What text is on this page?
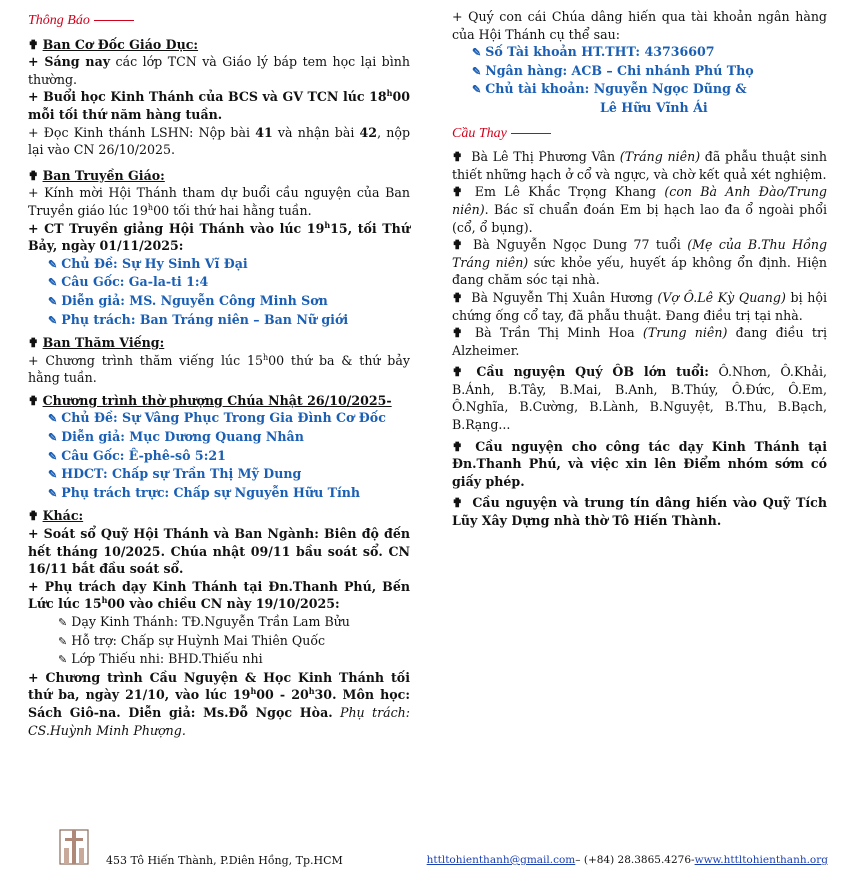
Thông Báo
✟ Ban Cơ Đốc Giáo Dục:

+ Sáng nay các lớp TCN và Giáo lý báp tem học lại bình thường.

+ Buổi học Kinh Thánh của BCS và GV TCN lúc 18$^h$00 mỗi tối thứ năm hàng tuần.

+ Đọc Kinh thánh LSHN: Nộp bài 41 và nhận bài 42, nộp lại vào CN 26/10/2025.

✟ Ban Truyền Giáo:

+ Kính mời Hội Thánh tham dự buổi cầu nguyện của Ban Truyền giáo lúc 19$^h$00 tối thứ hai hằng tuần.

+ CT Truyền giảng Hội Thánh vào lúc 19$^h$15, tối Thứ Bảy, ngày 01/11/2025:

✎ Chủ Đề: Sự Hy Sinh Vĩ Đại
✎ Câu Gốc: Ga-la-ti 1:4
✎ Diễn giả: MS. Nguyễn Công Minh Sơn
✎ Phụ trách: Ban Tráng niên – Ban Nữ giới
✟ Ban Thăm Viếng:

+ Chương trình thăm viếng lúc 15$^h$00 thứ ba & thứ bảy hằng tuần.

✟ Chương trình thờ phượng Chúa Nhật 26/10/2025-
✎ Chủ Đề: Sự Vâng Phục Trong Gia Đình Cơ Đốc
✎ Diễn giả: Mục Dương Quang Nhân
✎ Câu Gốc: Ê-phê-sô 5:21
✎ HDCT: Chấp sự Trần Thị Mỹ Dung
✎ Phụ trách trực: Chấp sự Nguyễn Hữu Tính
✟ Khác:

+ Soát sổ Quỹ Hội Thánh và Ban Ngành: Biên độ đến hết tháng 10/2025. Chúa nhật 09/11 bầu soát sổ. CN 16/11 bắt đầu soát sổ.

+ Phụ trách dạy Kinh Thánh tại Đn.Thanh Phú, Bến Lức lúc 15$^h$00 vào chiều CN này 19/10/2025:

✎ Dạy Kinh Thánh: TĐ.Nguyễn Trần Lam Bửu
✎ Hỗ trợ: Chấp sự Huỳnh Mai Thiên Quốc
✎ Lớp Thiếu nhi: BHD.Thiếu nhi

+ Chương trình Cầu Nguyện & Học Kinh Thánh tối thứ ba, ngày 21/10, vào lúc 19$^h$00 - 20$^h$30. Môn học: Sách Giô-na. Diễn giả: Ms.Đỗ Ngọc Hòa. Phụ trách: CS.Huỳnh Minh Phượng.

+ Quý con cái Chúa dâng hiến qua tài khoản ngân hàng của Hội Thánh cụ thể sau:

✎ Số Tài khoản HT.THT: 43736607
✎ Ngân hàng: ACB – Chi nhánh Phú Thọ
✎ Chủ tài khoản: Nguyễn Ngọc Dũng &
Lê Hữu Vĩnh Ái
Cầu Thay

✟ Bà Lê Thị Phương Vân (Tráng niên) đã phẫu thuật sinh thiết những hạch ở cổ và ngực, và chờ kết quả xét nghiệm.

✟ Em Lê Khắc Trọng Khang (con Bà Anh Đào/Trung niên). Bác sĩ chuẩn đoán Em bị hạch lao đa ổ ngoài phổi (cổ, ổ bụng).

✟ Bà Nguyễn Ngọc Dung 77 tuổi (Mẹ của B.Thu Hồng Tráng niên) sức khỏe yếu, huyết áp không ổn định. Hiện đang chăm sóc tại nhà.

✟ Bà Nguyễn Thị Xuân Hương (Vợ Ô.Lê Kỳ Quang) bị hội chứng ống cổ tay, đã phẫu thuật. Đang điều trị tại nhà.

✟ Bà Trần Thị Minh Hoa (Trung niên) đang điều trị Alzheimer.

✟ Cầu nguyện Quý ÔB lớn tuổi: Ô.Nhơn, Ô.Khải, B.Ánh, B.Tây, B.Mai, B.Anh, B.Thúy, Ô.Đức, Ô.Em, Ô.Nghĩa, B.Cường, B.Lành, B.Nguyệt, B.Thu, B.Bạch, B.Rạng...

✟ Cầu nguyện cho công tác dạy Kinh Thánh tại Đn.Thanh Phú, và việc xin lên Điểm nhóm sớm có giấy phép.

✟ Cầu nguyện và trung tín dâng hiến vào Quỹ Tích Lũy Xây Dựng nhà thờ Tô Hiến Thành.

453 Tô Hiến Thành, P.Diên Hồng, Tp.HCM	httltohienthanh@gmail.com– (+84) 28.3865.4276-www.httltohienthanh.org
